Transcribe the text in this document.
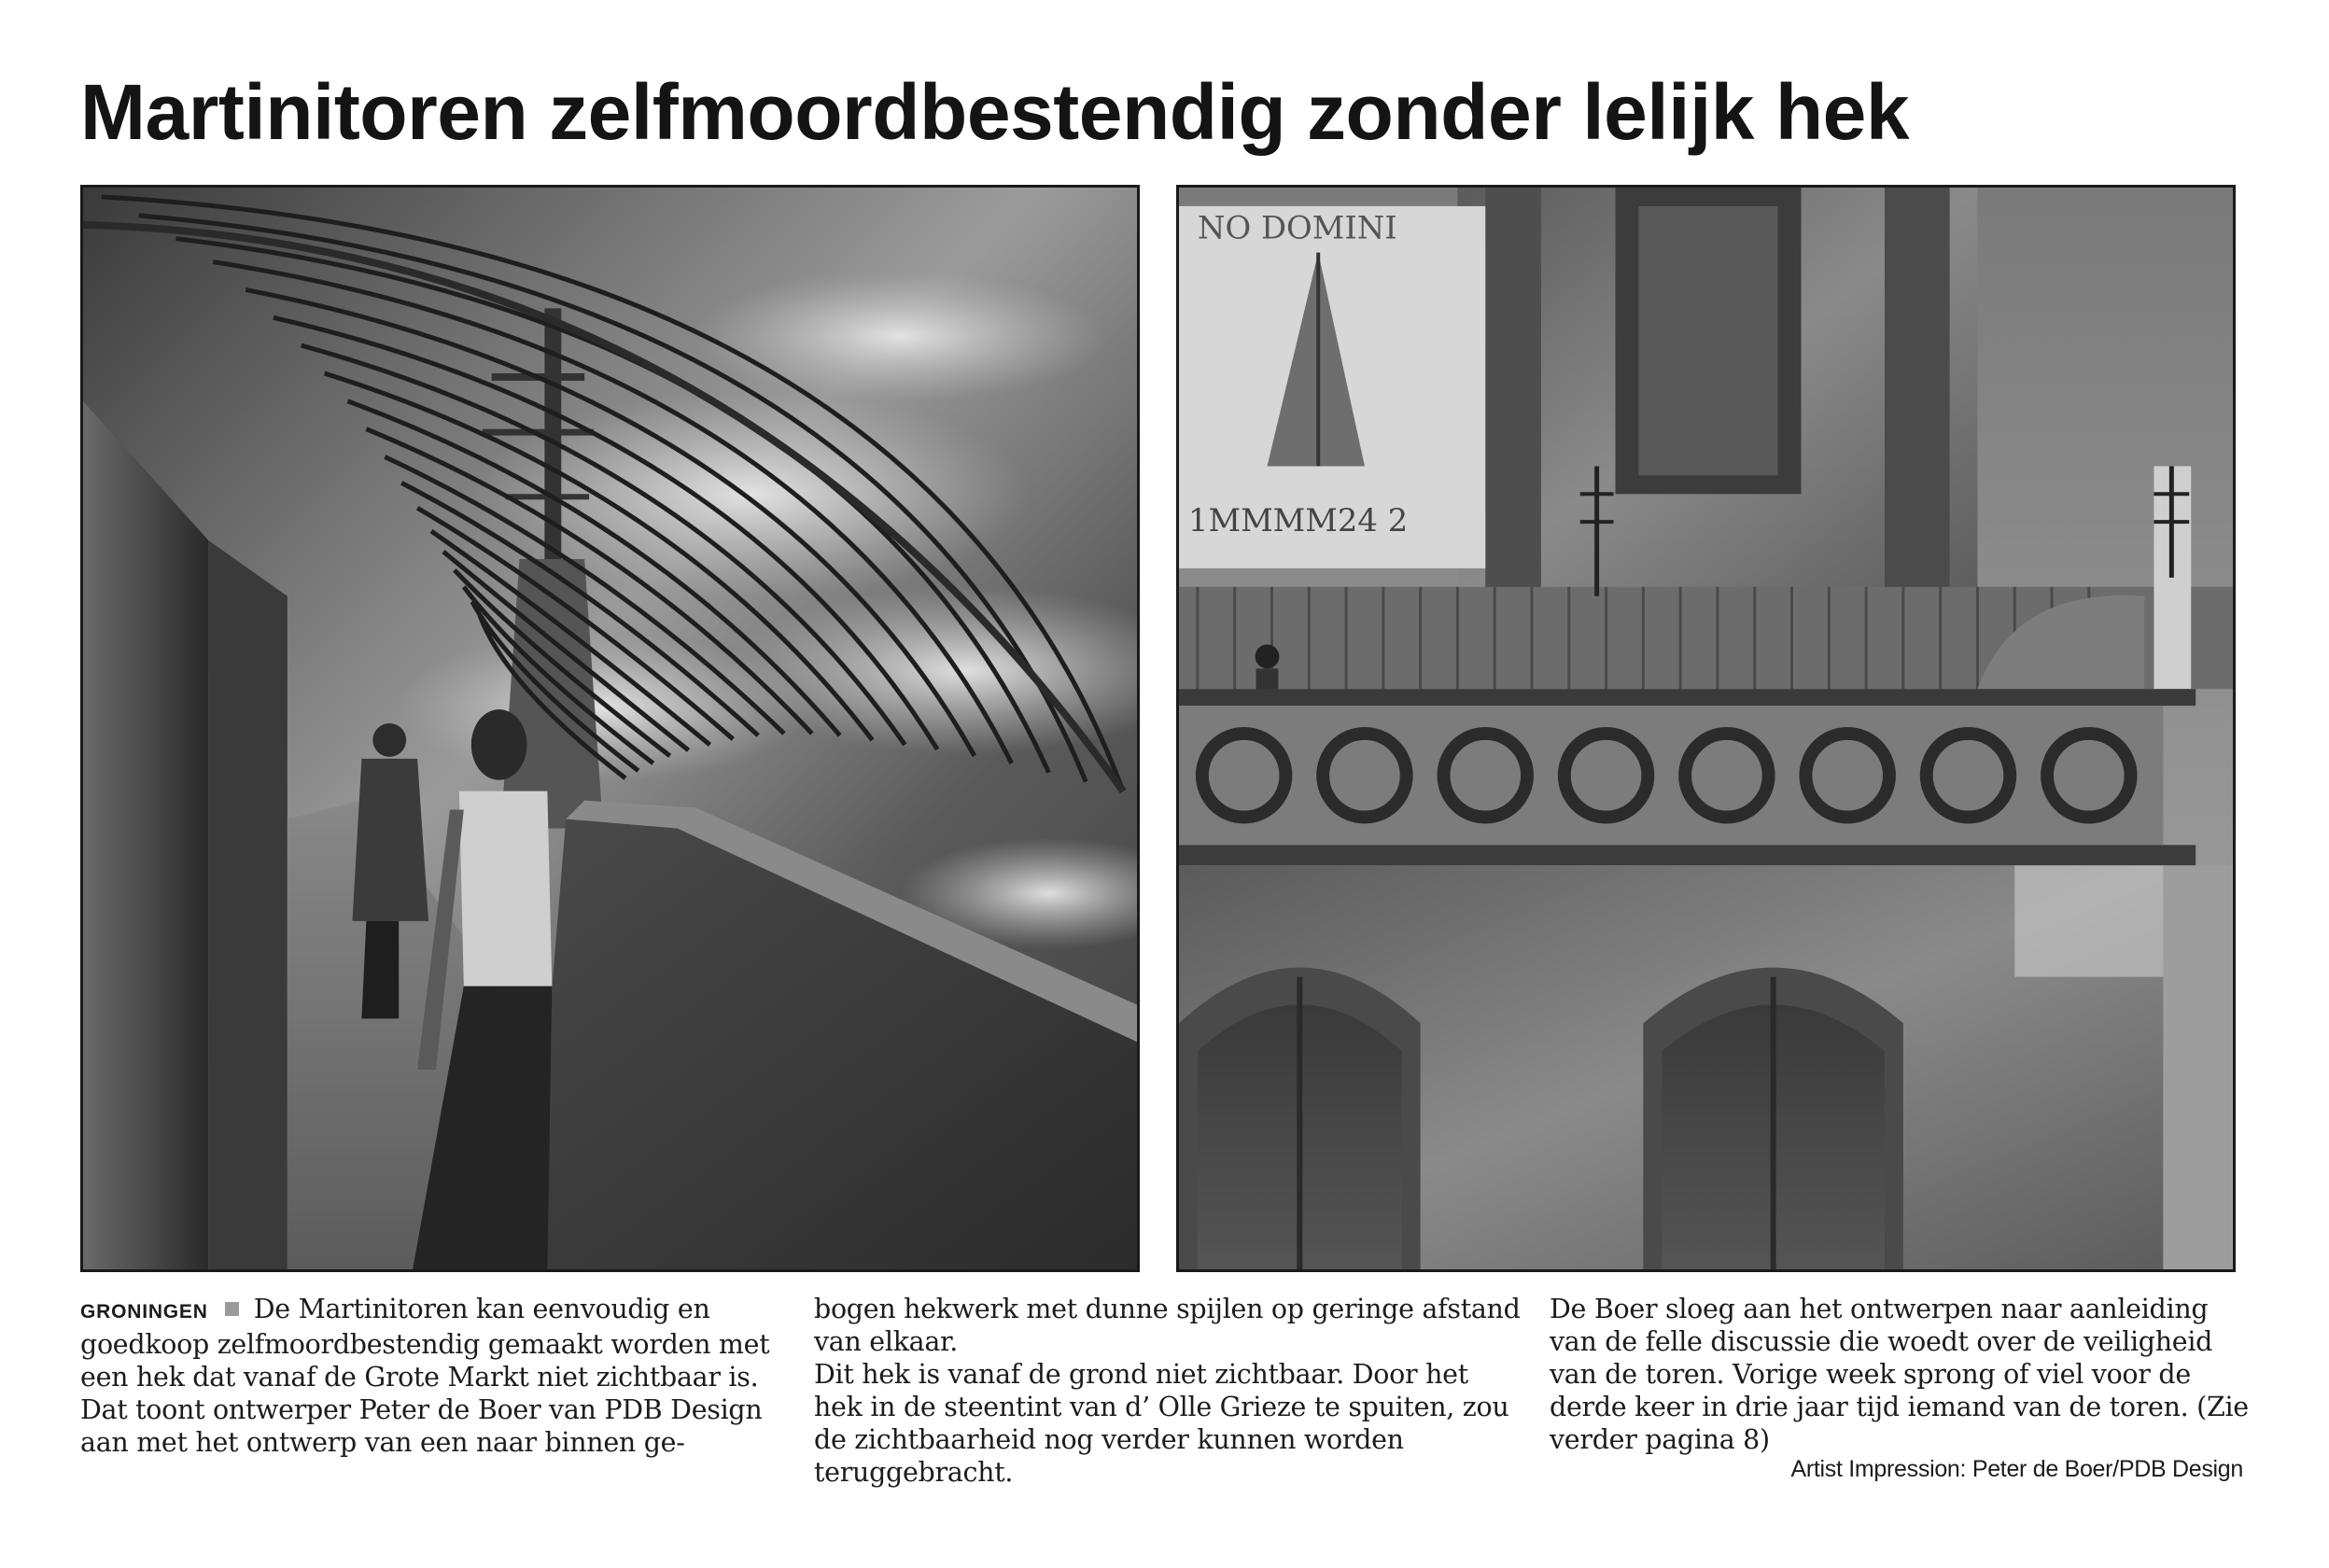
Martinitoren zelfmoordbestendig zonder lelijk hek
NO DOMINI
1MMMM24 2

GRONINGEN De Martinitoren kan eenvoudig en goedkoop zelfmoordbestendig gemaakt worden met een hek dat vanaf de Grote Markt niet zichtbaar is.

Dat toont ontwerper Peter de Boer van PDB Design aan met het ontwerp van een naar binnen ge-

bogen hekwerk met dunne spijlen op geringe afstand van elkaar.

Dit hek is vanaf de grond niet zichtbaar. Door het hek in de steentint van d’ Olle Grieze te spuiten, zou de zichtbaarheid nog verder kunnen worden teruggebracht.

De Boer sloeg aan het ontwerpen naar aanleiding van de felle discussie die woedt over de veiligheid van de toren. Vorige week sprong of viel voor de derde keer in drie jaar tijd iemand van de toren. (Zie verder pagina 8)

Artist Impression: Peter de Boer/PDB Design
